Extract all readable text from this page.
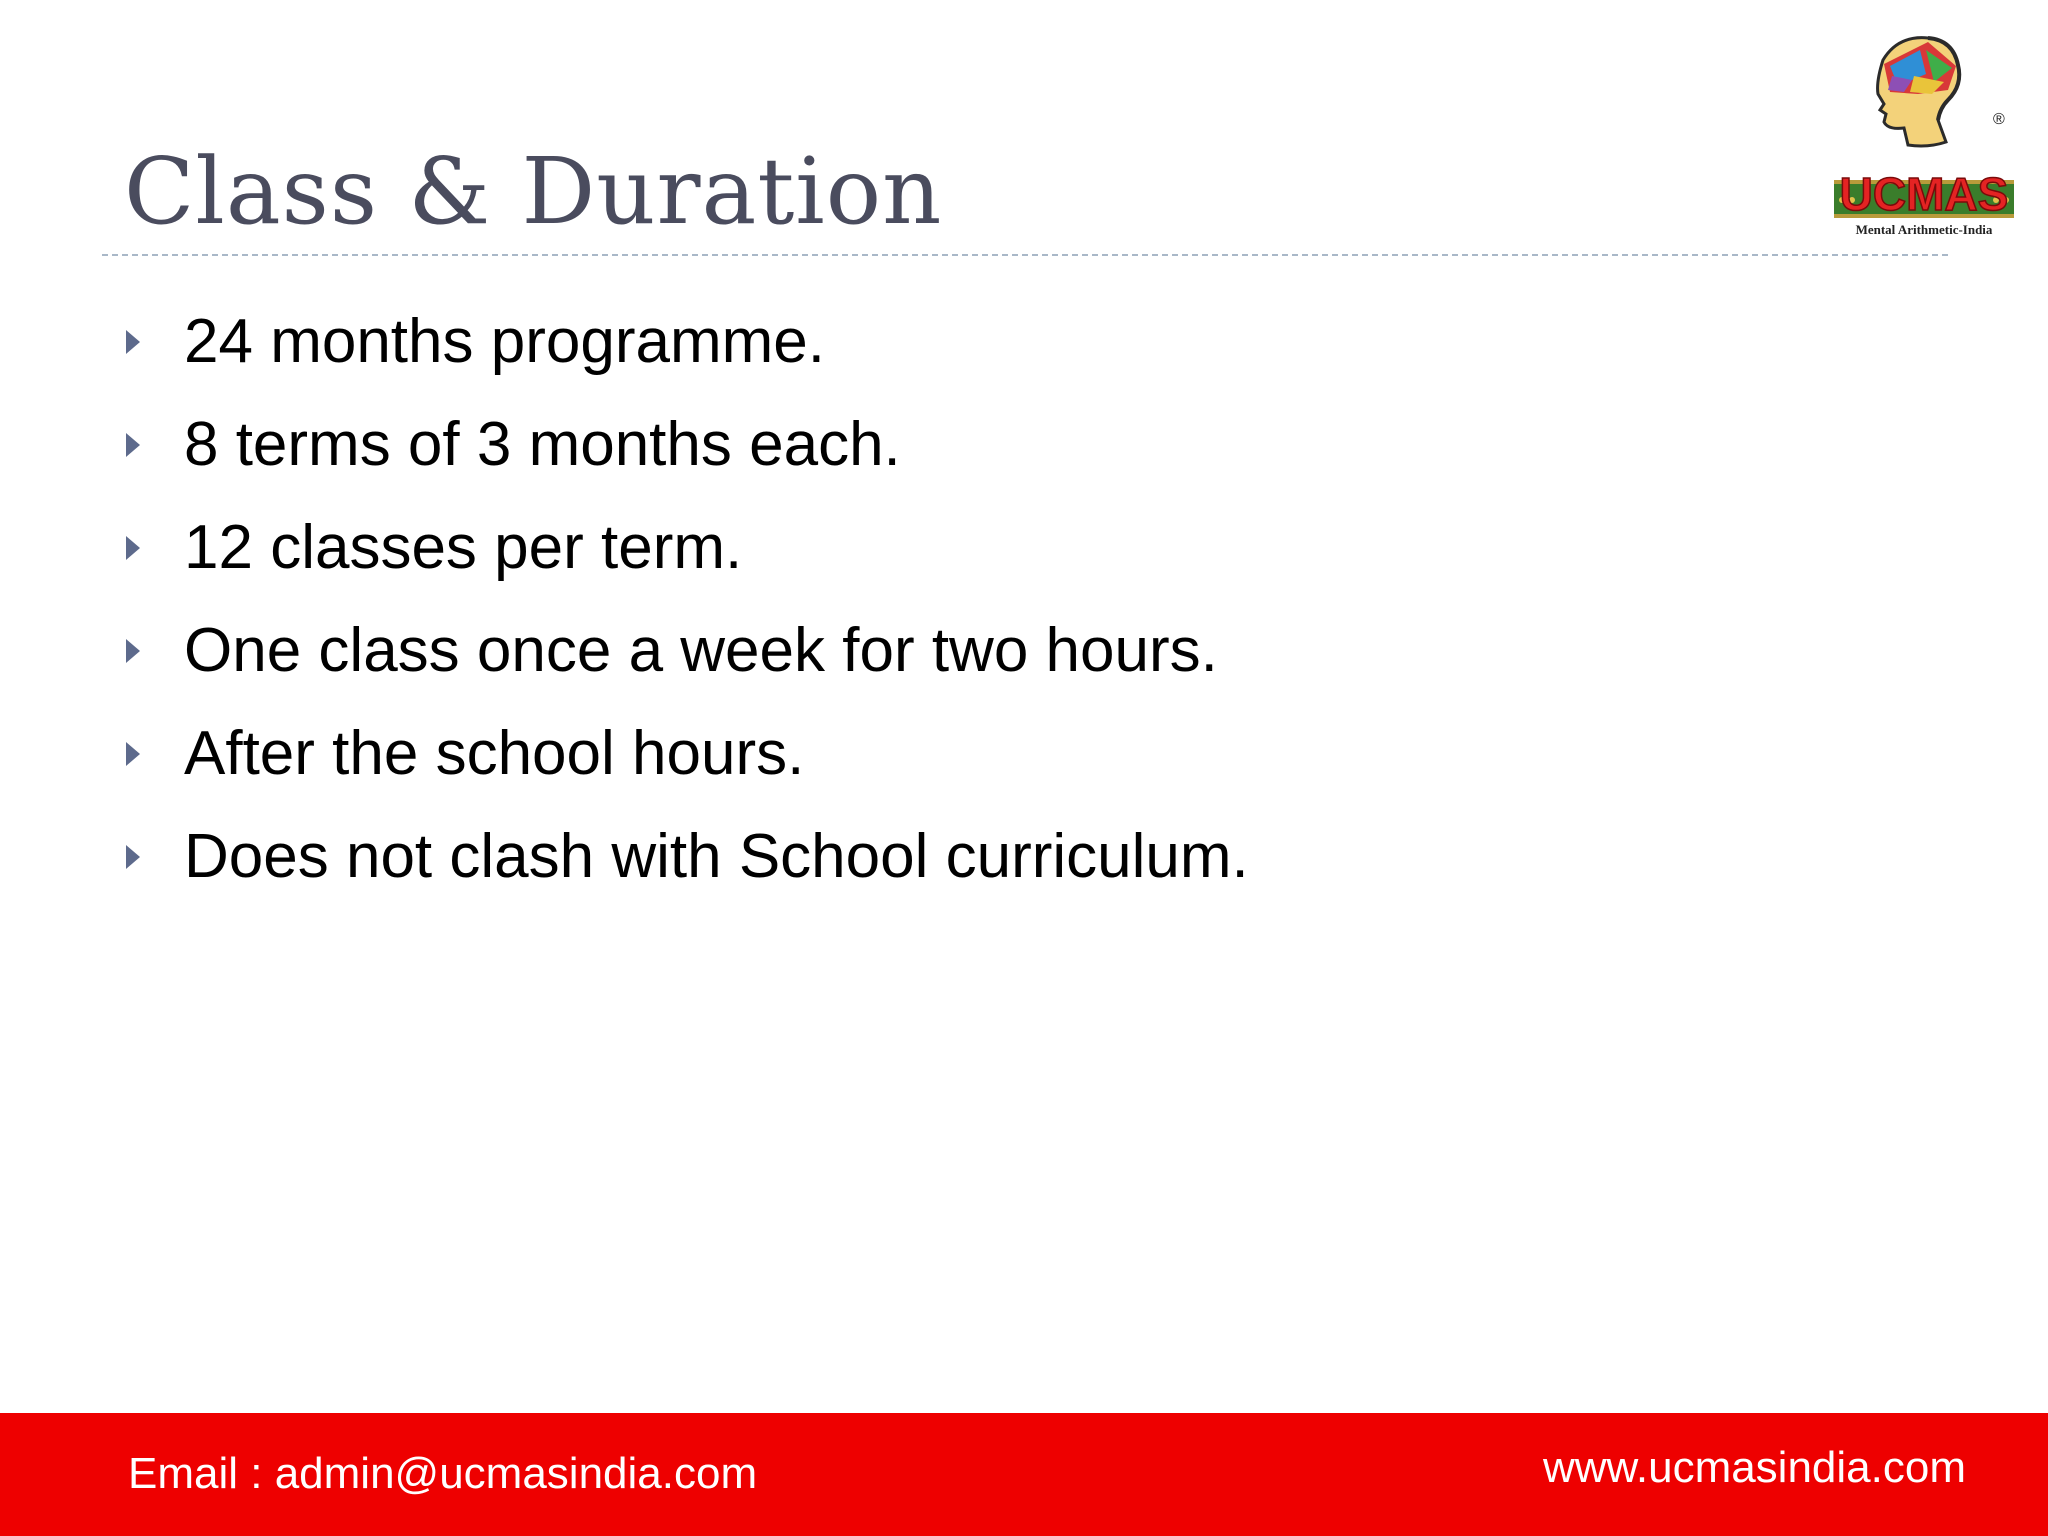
Class & Duration
®
UCMAS
Mental Arithmetic-India
24 months programme.
8 terms of 3 months each.
12 classes per term.
One class once a week for two hours.
After the school hours.
Does not clash with School curriculum.
Email : admin@ucmasindia.com	www.ucmasindia.com
